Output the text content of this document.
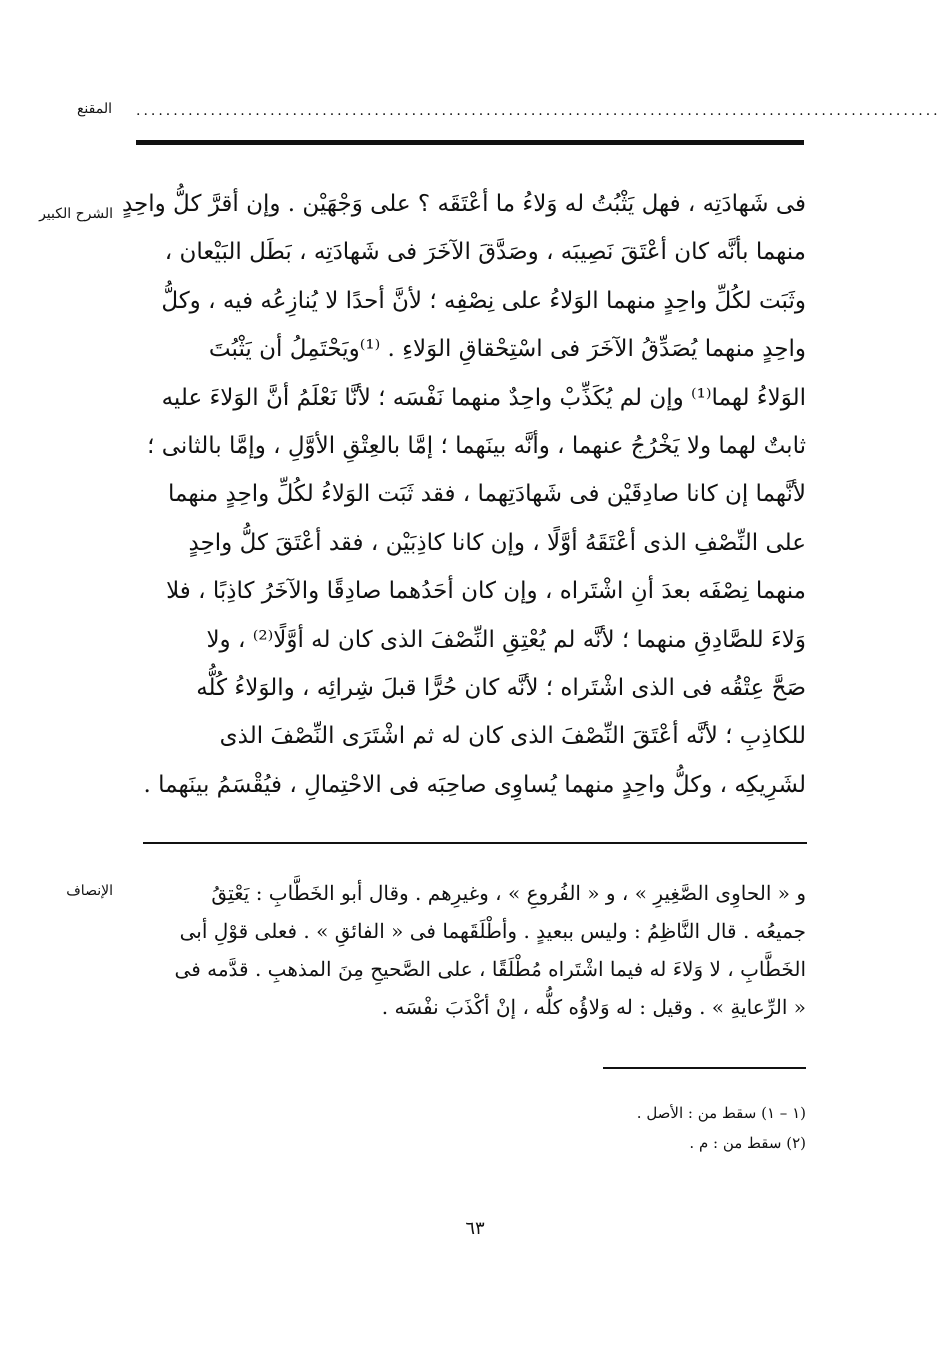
المقنع ............................................................................................................
الشرح الكبير فى شَهادَتِه ، فهل يَثْبُتُ له وَلاءُ ما أعْتَقَه ؟ على وَجْهَيْن . وإن أقرَّ كلُّ واحِدٍ
منهما بأنَّه كان أعْتَقَ نَصِيبَه ، وصَدَّقَ الآخَرَ فى شَهادَتِه ، بَطَل البَيْعان ،
وثَبَت لكُلِّ واحِدٍ منهما الوَلاءُ على نِصْفِه ؛ لأنَّ أحدًا لا يُنازِعُه فيه ، وكلُّ
واحِدٍ منهما يُصَدِّقُ الآخَرَ فى اسْتِحْقاقِ الوَلاءِ . ⁽¹⁾ويَحْتَمِلُ أن يَثْبُتَ
الوَلاءُ لهما⁽¹⁾ وإن لم يُكَذِّبْ واحِدٌ منهما نَفْسَه ؛ لأنَّا نَعْلَمُ أنَّ الوَلاءَ عليه
ثابتٌ لهما ولا يَخْرُجُ عنهما ، وأنَّه بينَهما ؛ إمَّا بالعِتْقِ الأوَّلِ ، وإمَّا بالثانى ؛
لأنَّهما إن كانا صادِقَيْن فى شَهادَتِهما ، فقد ثَبَت الوَلاءُ لكُلِّ واحِدٍ منهما
على النِّصْفِ الذى أعْتَقَهُ أوَّلًا ، وإن كانا كاذِبَيْن ، فقد أعْتَقَ كلُّ واحِدٍ
منهما نِصْفَه بعدَ أنِ اشْتَراه ، وإن كان أحَدُهما صادِقًا والآخَرُ كاذِبًا ، فلا
وَلاءَ للصَّادِقِ منهما ؛ لأنَّه لم يُعْتِقِ النِّصْفَ الذى كان له أوَّلًا⁽²⁾ ، ولا
صَحَّ عِتْقُه فى الذى اشْتَراه ؛ لأنَّه كان حُرًّا قبلَ شِرائِه ، والوَلاءُ كُلُّه
للكاذِبِ ؛ لأنَّه أعْتَقَ النِّصْفَ الذى كان له ثم اشْتَرَى النِّصْفَ الذى
لشَرِيكِه ، وكلُّ واحِدٍ منهما يُساوِى صاحِبَه فى الاحْتِمالِ ، فيُقْسَمُ بينَهما .
الإنصاف	و « الحاوِى الصَّغِيرِ » ، و « الفُروعِ » ، وغيرِهم . وقال أبو الخَطَّابِ : يَعْتِقُ
جميعُه . قال النَّاظِمُ : وليس ببعيدٍ . وأطْلَقَهما فى « الفائقِ » . فعلى قوْلِ أبى
الخَطَّابِ ، لا وَلاءَ له فيما اشْتَراه مُطْلَقًا ، على الصَّحيحِ مِنَ المذهبِ . قدَّمه فى
« الرِّعايةِ » . وقيل : له وَلاؤُه كلُّه ، إنْ أكْذَبَ نفْسَه .
(١ – ١) سقط من : الأصل .
(٢) سقط من : م .
٦٣
